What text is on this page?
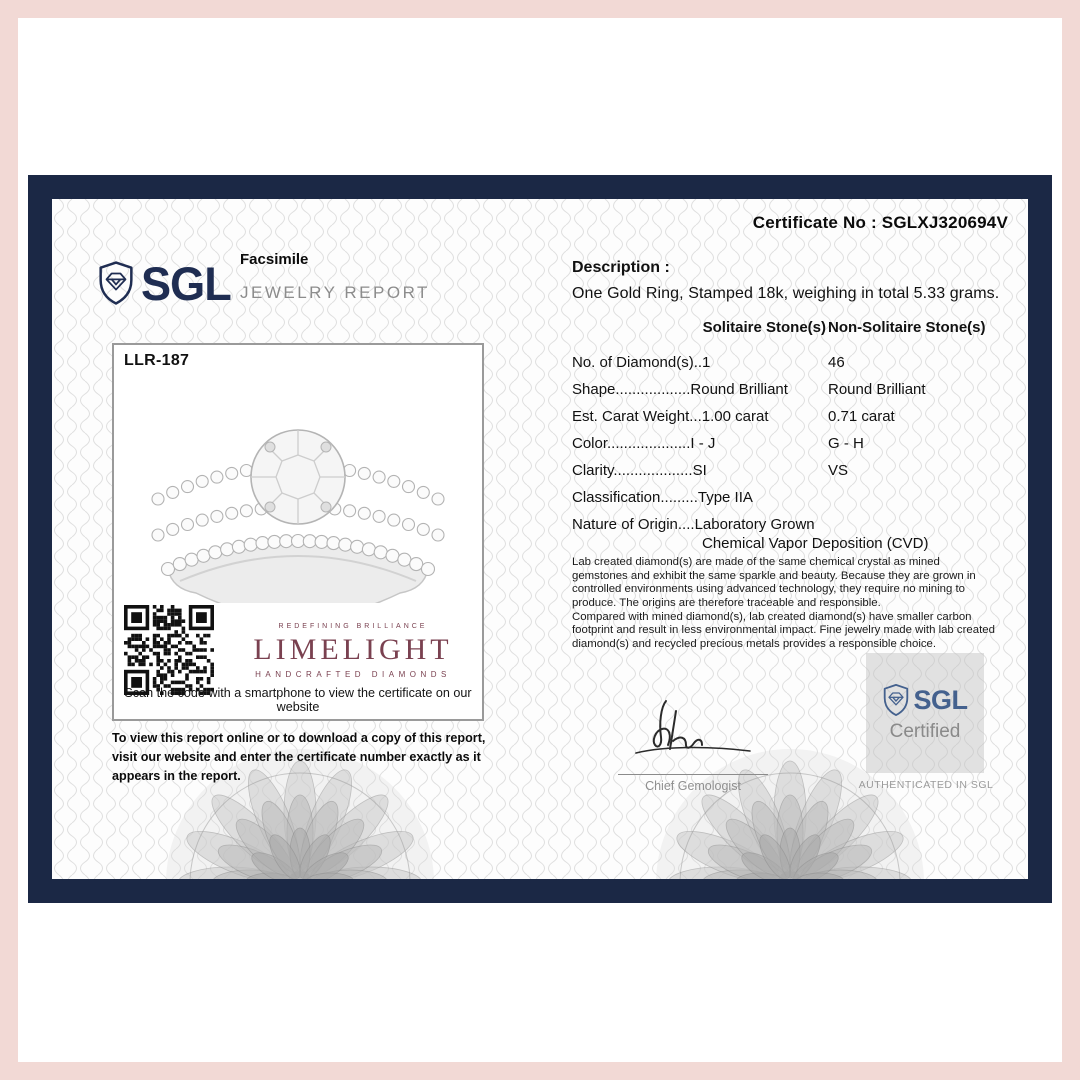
Certificate No : SGLXJ320694V
SGL Facsimile
JEWELRY REPORT
LLR-187
REDEFINING BRILLIANCE
LIMELIGHT
HANDCRAFTED DIAMONDS
Scan the code with a smartphone to view the certificate on our website
To view this report online or to download a copy of this report, visit our website and enter the certificate number exactly as it appears in the report.
Description :
One Gold Ring, Stamped 18k, weighing in total 5.33 grams.
Solitaire Stone(s) Non-Solitaire Stone(s)
No. of Diamond(s)..1	46
Shape..................Round Brilliant	Round Brilliant
Est. Carat Weight...1.00 carat	0.71 carat
Color....................I - J	G - H
Clarity...................SI	VS
Classification.........Type IIA
Nature of Origin....Laboratory Grown
Chemical Vapor Deposition (CVD)

Lab created diamond(s) are made of the same chemical crystal as mined gemstones and exhibit the same sparkle and beauty. Because they are grown in controlled environments using advanced technology, they require no mining to produce. The origins are therefore traceable and responsible.

Compared with mined diamond(s), lab created diamond(s) have smaller carbon footprint and result in less environmental impact. Fine jewelry made with lab created diamond(s) and recycled precious metals provides a responsible choice.

Chief Gemologist
SGL
Certified
AUTHENTICATED IN SGL
